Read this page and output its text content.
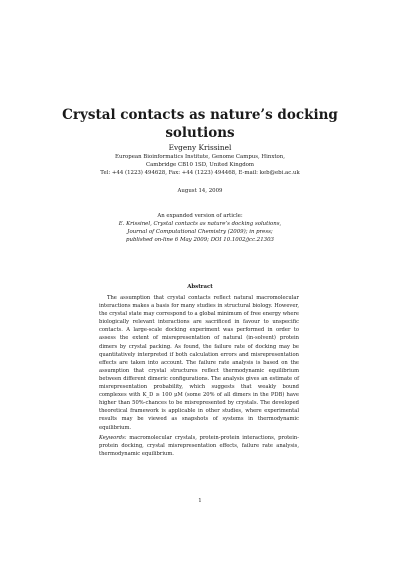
Crystal contacts as nature’s docking
solutions
Evgeny Krissinel
European Bioinformatics Institute, Genome Campus, Hinxton,
Cambridge CB10 1SD, United Kingdom
Tel: +44 (1223) 494628, Fax: +44 (1223) 494468, E-mail: keb@ebi.ac.uk
August 14, 2009
An expanded version of article:
E. Krissinel, Crystal contacts as nature’s docking solutions,
Journal of Computational Chemistry (2009); in press;
published on-line 6 May 2009; DOI 10.1002/jcc.21303
Abstract

The assumption that crystal contacts reflect natural macromolecular interactions makes a basis for many studies in structural biology. However, the crystal state may correspond to a global minimum of free energy where biologically relevant interactions are sacrificed in favour to unspecific contacts. A large-scale docking experiment was performed in order to assess the extent of misrepresentation of natural (in-solvent) protein dimers by crystal packing. As found, the failure rate of docking may be quantitatively interpreted if both calculation errors and misrepresentation effects are taken into account. The failure rate analysis is based on the assumption that crystal structures reflect thermodynamic equilibrium between different dimeric configurations. The analysis gives an estimate of misrepresentation probability, which suggests that weakly bound complexes with K_D ≥ 100 μM (some 20% of all dimers in the PDB) have higher than 50%-chances to be misrepresented by crystals. The developed theoretical framework is applicable in other studies, where experimental results may be viewed as snapshots of systems in thermodynamic equilibrium.

Keywords: macromolecular crystals, protein-protein interactions, protein-protein docking, crystal misrepresentation effects, failure rate analysis, thermodynamic equilibrium.

1
